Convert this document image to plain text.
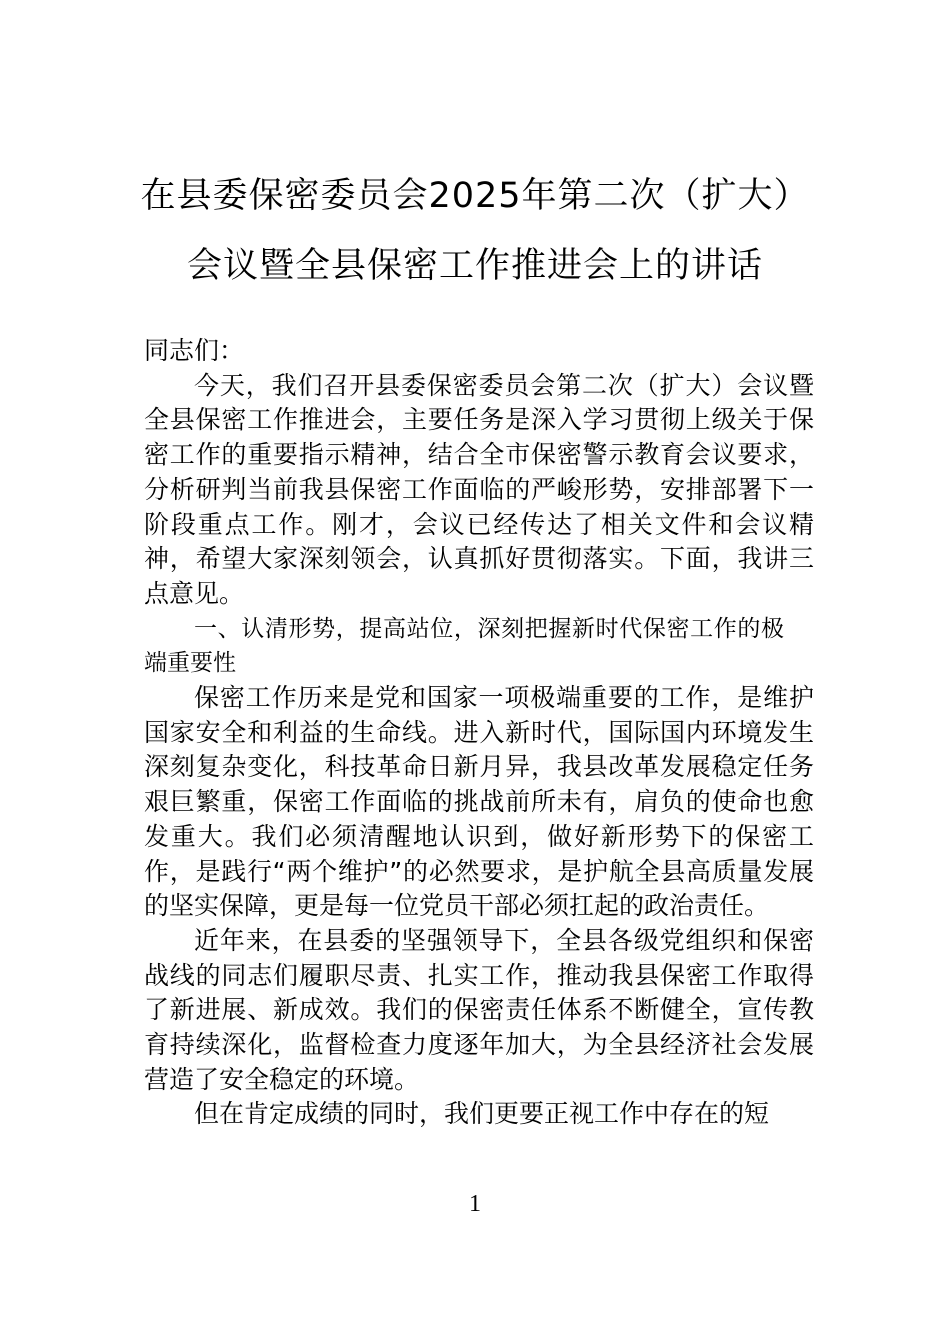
在县委保密委员会2025年第二次（扩大）
会议暨全县保密工作推进会上的讲话

同志们：

今天，我们召开县委保密委员会第二次（扩大）会议暨全县保密工作推进会，主要任务是深入学习贯彻上级关于保密工作的重要指示精神，结合全市保密警示教育会议要求，分析研判当前我县保密工作面临的严峻形势，安排部署下一阶段重点工作。刚才，会议已经传达了相关文件和会议精神，希望大家深刻领会，认真抓好贯彻落实。下面，我讲三点意见。

一、认清形势，提高站位，深刻把握新时代保密工作的极端重要性

保密工作历来是党和国家一项极端重要的工作，是维护国家安全和利益的生命线。进入新时代，国际国内环境发生深刻复杂变化，科技革命日新月异，我县改革发展稳定任务艰巨繁重，保密工作面临的挑战前所未有，肩负的使命也愈发重大。我们必须清醒地认识到，做好新形势下的保密工作，是践行“两个维护”的必然要求，是护航全县高质量发展的坚实保障，更是每一位党员干部必须扛起的政治责任。

近年来，在县委的坚强领导下，全县各级党组织和保密战线的同志们履职尽责、扎实工作，推动我县保密工作取得了新进展、新成效。我们的保密责任体系不断健全，宣传教育持续深化，监督检查力度逐年加大，为全县经济社会发展营造了安全稳定的环境。

但在肯定成绩的同时，我们更要正视工作中存在的短

1
